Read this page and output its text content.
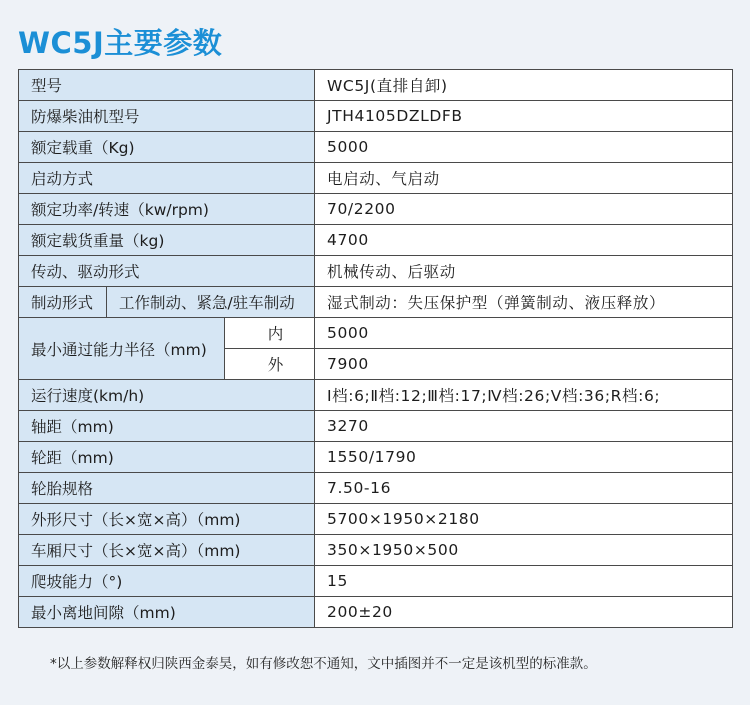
WC5J主要参数
型号			WC5J(直排自卸)
防爆柴油机型号			JTH4105DZLDFB
额定载重（Kg)			5000
启动方式			电启动、气启动
额定功率/转速（kw/rpm)			70/2200
额定载货重量（kg)			4700
传动、驱动形式			机械传动、后驱动
制动形式	工作制动、紧急/驻车制动		湿式制动：失压保护型（弹簧制动、液压释放）
最小通过能力半径（mm)		内	5000
		外	7900
运行速度(km/h)			Ⅰ档:6;Ⅱ档:12;Ⅲ档:17;Ⅳ档:26;Ⅴ档:36;R档:6;
轴距（mm)			3270
轮距（mm)			1550/1790
轮胎规格			7.50-16
外形尺寸（长×宽×高）（mm)			5700×1950×2180
车厢尺寸（长×宽×高）（mm)			350×1950×500
爬坡能力（°)			15
最小离地间隙（mm)			200±20
*以上参数解释权归陕西金泰昊，如有修改恕不通知，文中插图并不一定是该机型的标准款。
